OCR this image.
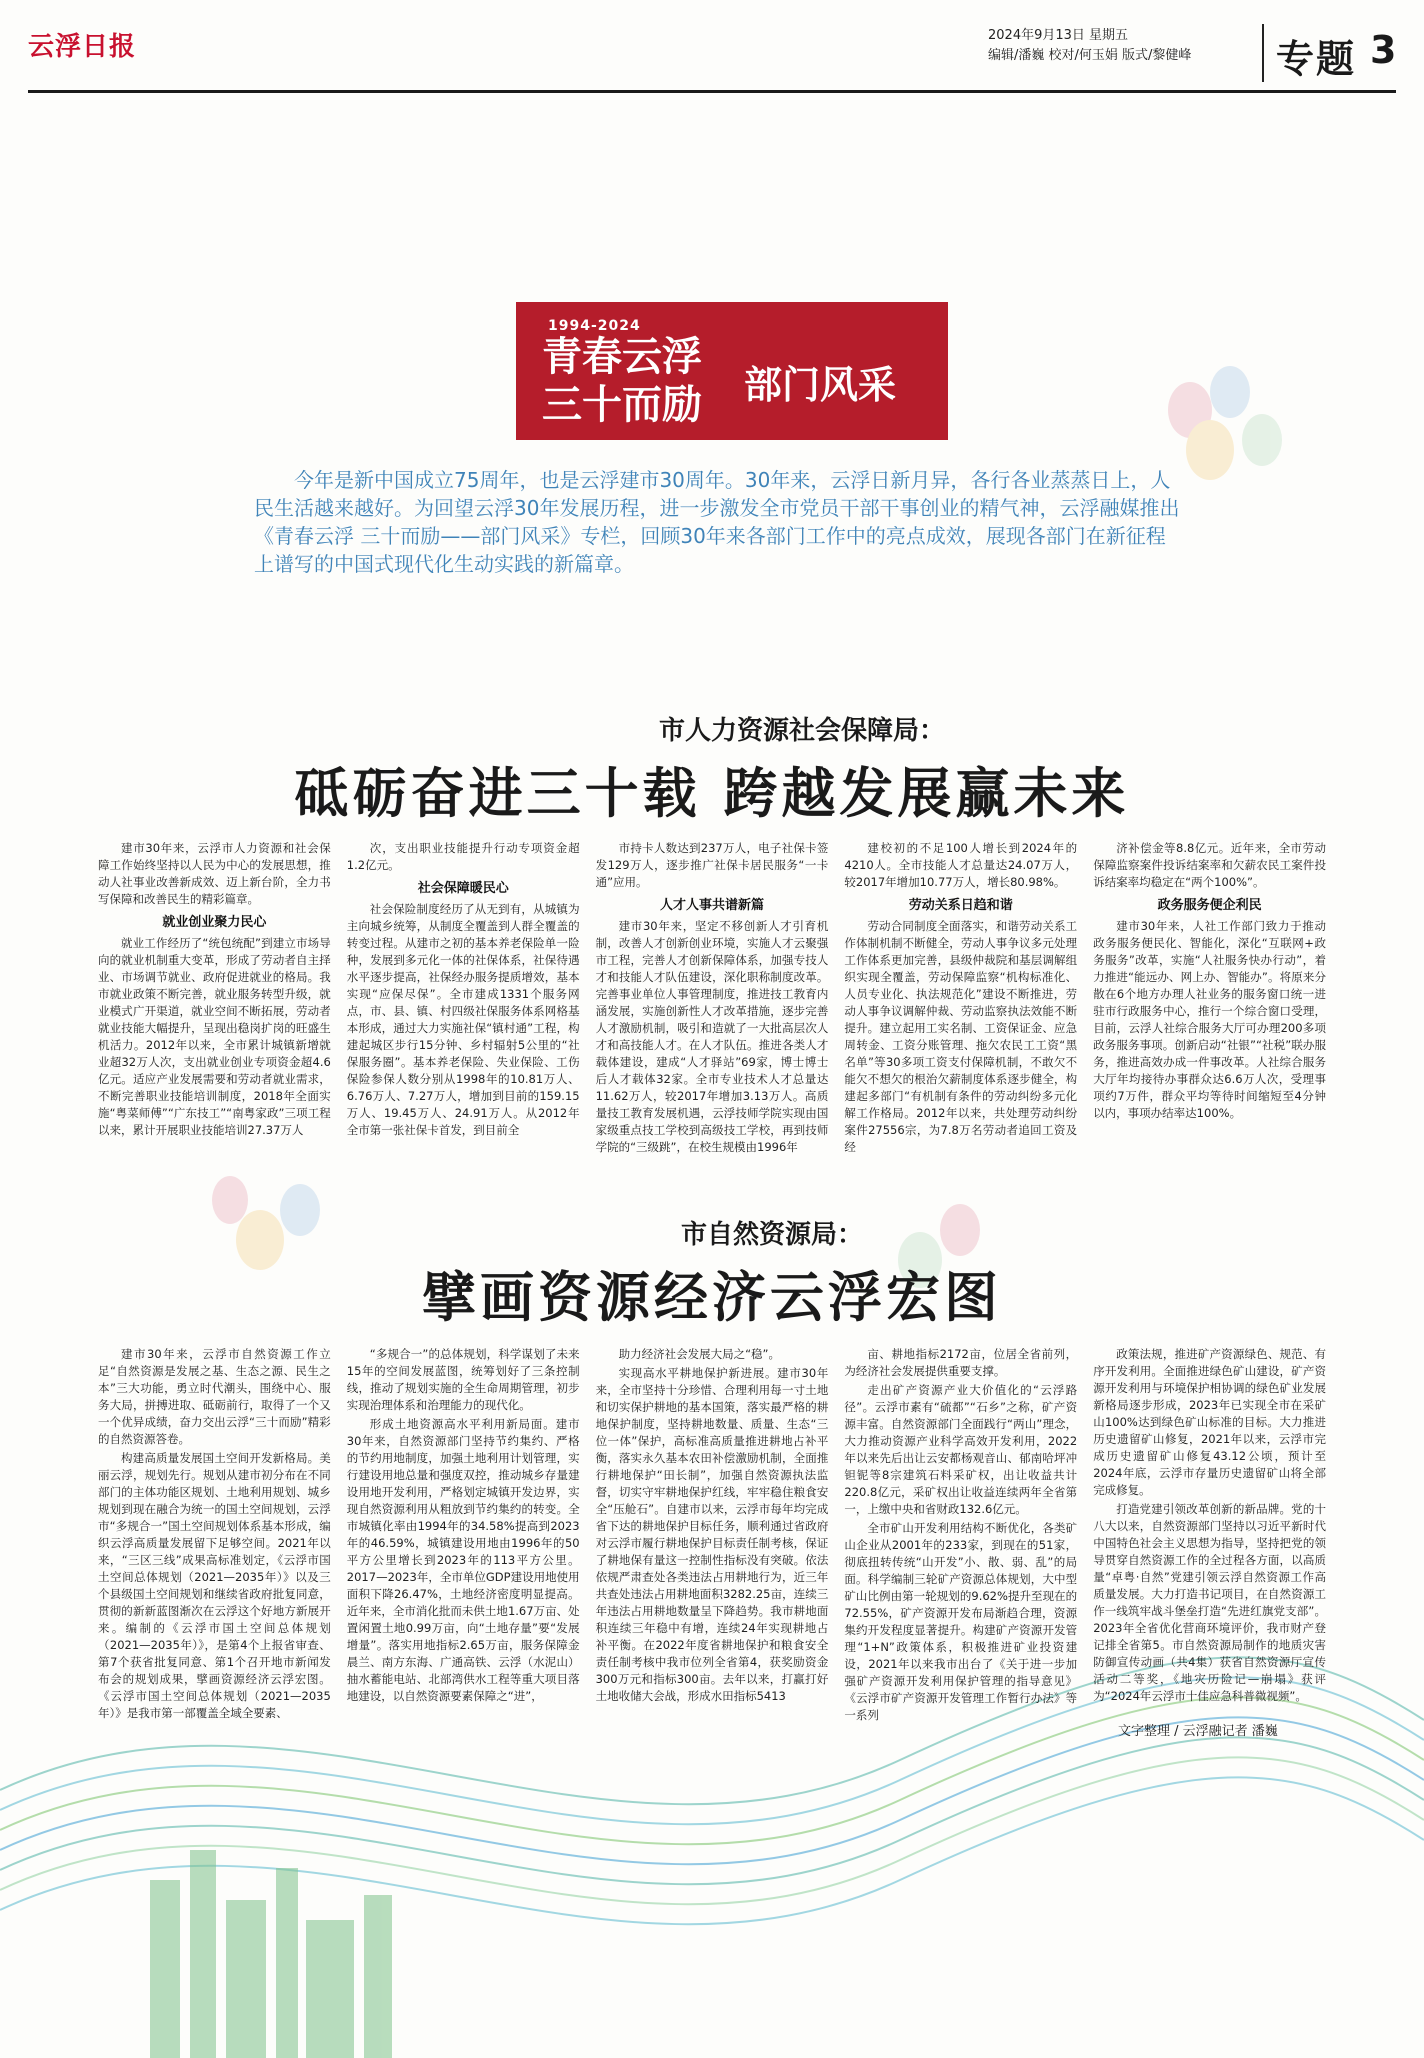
云浮日报	2024年9月13日 星期五
编辑/潘巍 校对/何玉娟 版式/黎健峰	专题 3
1994-2024
青春云浮
三十而励 部门风采
今年是新中国成立75周年，也是云浮建市30周年。30年来，云浮日新月异，各行各业蒸蒸日上，人民生活越来越好。为回望云浮30年发展历程，进一步激发全市党员干部干事创业的精气神，云浮融媒推出《青春云浮 三十而励——部门风采》专栏，回顾30年来各部门工作中的亮点成效，展现各部门在新征程上谱写的中国式现代化生动实践的新篇章。
市人力资源社会保障局：
砥砺奋进三十载 跨越发展赢未来

建市30年来，云浮市人力资源和社会保障工作始终坚持以人民为中心的发展思想，推动人社事业改善新成效、迈上新台阶，全力书写保障和改善民生的精彩篇章。

就业创业聚力民心

就业工作经历了“统包统配”到建立市场导向的就业机制重大变革，形成了劳动者自主择业、市场调节就业、政府促进就业的格局。我市就业政策不断完善，就业服务转型升级，就业模式广开渠道，就业空间不断拓展，劳动者就业技能大幅提升，呈现出稳岗扩岗的旺盛生机活力。2012年以来，全市累计城镇新增就业超32万人次，支出就业创业专项资金超4.6亿元。适应产业发展需要和劳动者就业需求，不断完善职业技能培训制度，2018年全面实施“粤菜师傅”“广东技工”“南粤家政”三项工程以来，累计开展职业技能培训27.37万人

次，支出职业技能提升行动专项资金超1.2亿元。

社会保障暖民心

社会保险制度经历了从无到有，从城镇为主向城乡统筹，从制度全覆盖到人群全覆盖的转变过程。从建市之初的基本养老保险单一险种，发展到多元化一体的社保体系，社保待遇水平逐步提高，社保经办服务提质增效，基本实现“应保尽保”。全市建成1331个服务网点，市、县、镇、村四级社保服务体系网格基本形成，通过大力实施社保“镇村通”工程，构建起城区步行15分钟、乡村辐射5公里的“社保服务圈”。基本养老保险、失业保险、工伤保险参保人数分别从1998年的10.81万人、6.76万人、7.27万人，增加到目前的159.15万人、19.45万人、24.91万人。从2012年全市第一张社保卡首发，到目前全

市持卡人数达到237万人，电子社保卡签发129万人，逐步推广社保卡居民服务“一卡通”应用。

人才人事共谱新篇

建市30年来，坚定不移创新人才引育机制，改善人才创新创业环境，实施人才云聚强市工程，完善人才创新保障体系，加强专技人才和技能人才队伍建设，深化职称制度改革。完善事业单位人事管理制度，推进技工教育内涵发展，实施创新性人才改革措施，逐步完善人才激励机制，吸引和造就了一大批高层次人才和高技能人才。在人才队伍。推进各类人才载体建设，建成“人才驿站”69家，博士博士后人才载体32家。全市专业技术人才总量达11.62万人，较2017年增加3.13万人。高质量技工教育发展机遇，云浮技师学院实现由国家级重点技工学校到高级技工学校，再到技师学院的“三级跳”，在校生规模由1996年

建校初的不足100人增长到2024年的4210人。全市技能人才总量达24.07万人，较2017年增加10.77万人，增长80.98%。

劳动关系日趋和谐

劳动合同制度全面落实，和谐劳动关系工作体制机制不断健全，劳动人事争议多元处理工作体系更加完善，县级仲裁院和基层调解组织实现全覆盖，劳动保障监察“机构标准化、人员专业化、执法规范化”建设不断推进，劳动人事争议调解仲裁、劳动监察执法效能不断提升。建立起用工实名制、工资保证金、应急周转金、工资分账管理、拖欠农民工工资“黑名单”等30多项工资支付保障机制，不敢欠不能欠不想欠的根治欠薪制度体系逐步健全，构建起多部门“有机制有条件的劳动纠纷多元化解工作格局。2012年以来，共处理劳动纠纷案件27556宗，为7.8万名劳动者追回工资及经

济补偿金等8.8亿元。近年来，全市劳动保障监察案件投诉结案率和欠薪农民工案件投诉结案率均稳定在“两个100%”。

政务服务便企利民

建市30年来，人社工作部门致力于推动政务服务便民化、智能化，深化“互联网+政务服务”改革，实施“人社服务快办行动”，着力推进“能远办、网上办、智能办”。将原来分散在6个地方办理人社业务的服务窗口统一进驻市行政服务中心，推行一个综合窗口受理，目前，云浮人社综合服务大厅可办理200多项政务服务事项。创新启动“社银”“社税”联办服务，推进高效办成一件事改革。人社综合服务大厅年均接待办事群众达6.6万人次，受理事项约7万件，群众平均等待时间缩短至4分钟以内，事项办结率达100%。

市自然资源局：
擘画资源经济云浮宏图

建市30年来，云浮市自然资源工作立足“自然资源是发展之基、生态之源、民生之本”三大功能，勇立时代潮头，围绕中心、服务大局，拼搏进取、砥砺前行，取得了一个又一个优异成绩，奋力交出云浮“三十而励”精彩的自然资源答卷。

构建高质量发展国土空间开发新格局。美丽云浮，规划先行。规划从建市初分布在不同部门的主体功能区规划、土地利用规划、城乡规划到现在融合为统一的国土空间规划，云浮市“多规合一”国土空间规划体系基本形成，编织云浮高质量发展留下足够空间。2021年以来，“三区三线”成果高标准划定，《云浮市国土空间总体规划（2021—2035年）》以及三个县级国土空间规划和继续省政府批复同意，贯彻的新新蓝图渐次在云浮这个好地方新展开来。编制的《云浮市国土空间总体规划（2021—2035年）》，是第4个上报省审查、第7个获省批复同意、第1个召开地市新闻发布会的规划成果，擘画资源经济云浮宏图。《云浮市国土空间总体规划（2021—2035年）》是我市第一部覆盖全域全要素、

“多规合一”的总体规划，科学谋划了未来15年的空间发展蓝图，统筹划好了三条控制线，推动了规划实施的全生命周期管理，初步实现治理体系和治理能力的现代化。

形成土地资源高水平利用新局面。建市30年来，自然资源部门坚持节约集约、严格的节约用地制度，加强土地利用计划管理，实行建设用地总量和强度双控，推动城乡存量建设用地开发利用，严格划定城镇开发边界，实现自然资源利用从粗放到节约集约的转变。全市城镇化率由1994年的34.58%提高到2023年的46.59%，城镇建设用地由1996年的50平方公里增长到2023年的113平方公里。2017—2023年，全市单位GDP建设用地使用面积下降26.47%，土地经济密度明显提高。近年来，全市消化批而未供土地1.67万亩、处置闲置土地0.99万亩，向“土地存量”要“发展增量”。落实用地指标2.65万亩，服务保障金晨兰、南方东海、广通高铁、云浮（水泥山）抽水蓄能电站、北部湾供水工程等重大项目落地建设，以自然资源要素保障之“进”，

助力经济社会发展大局之“稳”。

实现高水平耕地保护新进展。建市30年来，全市坚持十分珍惜、合理利用每一寸土地和切实保护耕地的基本国策，落实最严格的耕地保护制度，坚持耕地数量、质量、生态“三位一体”保护，高标准高质量推进耕地占补平衡，落实永久基本农田补偿激励机制，全面推行耕地保护“田长制”，加强自然资源执法监督，切实守牢耕地保护红线，牢牢稳住粮食安全“压舱石”。自建市以来，云浮市每年均完成省下达的耕地保护目标任务，顺利通过省政府对云浮市履行耕地保护目标责任制考核，保证了耕地保有量这一控制性指标没有突破。依法依规严肃查处各类违法占用耕地行为，近三年共查处违法占用耕地面积3282.25亩，连续三年违法占用耕地数量呈下降趋势。我市耕地面积连续三年稳中有增，连续24年实现耕地占补平衡。在2022年度省耕地保护和粮食安全责任制考核中我市位列全省第4，获奖励资金300万元和指标300亩。去年以来，打赢打好土地收储大会战，形成水田指标5413

亩、耕地指标2172亩，位居全省前列，为经济社会发展提供重要支撑。

走出矿产资源产业大价值化的“云浮路径”。云浮市素有“硫都”“石乡”之称，矿产资源丰富。自然资源部门全面践行“两山”理念，大力推动资源产业科学高效开发利用，2022年以来先后出让云安都杨观音山、郁南哈坪冲钽铌等8宗建筑石料采矿权，出让收益共计220.8亿元，采矿权出让收益连续两年全省第一，上缴中央和省财政132.6亿元。

全市矿山开发利用结构不断优化，各类矿山企业从2001年的233家，到现在的51家，彻底扭转传统“山开发”小、散、弱、乱”的局面。科学编制三轮矿产资源总体规划，大中型矿山比例由第一轮规划的9.62%提升至现在的72.55%，矿产资源开发布局渐趋合理，资源集约开发程度显著提升。构建矿产资源开发管理“1+N”政策体系，积极推进矿业投资建设，2021年以来我市出台了《关于进一步加强矿产资源开发利用保护管理的指导意见》《云浮市矿产资源开发管理工作暂行办法》等一系列

政策法规，推进矿产资源绿色、规范、有序开发利用。全面推进绿色矿山建设，矿产资源开发利用与环境保护相协调的绿色矿业发展新格局逐步形成，2023年已实现全市在采矿山100%达到绿色矿山标准的目标。大力推进历史遗留矿山修复，2021年以来，云浮市完成历史遗留矿山修复43.12公顷，预计至2024年底，云浮市存量历史遗留矿山将全部完成修复。

打造党建引领改革创新的新品牌。党的十八大以来，自然资源部门坚持以习近平新时代中国特色社会主义思想为指导，坚持把党的领导贯穿自然资源工作的全过程各方面，以高质量“卓粤·自然”党建引领云浮自然资源工作高质量发展。大力打造书记项目，在自然资源工作一线筑牢战斗堡垒打造“先进红旗党支部”。2023年全省优化营商环境评价，我市财产登记排全省第5。市自然资源局制作的地质灾害防御宣传动画（共4集）获省自然资源厅宣传活动二等奖，《地灾历险记—崩塌》获评为“2024年云浮市十佳应急科普微视频”。

文字整理 / 云浮融记者 潘巍
